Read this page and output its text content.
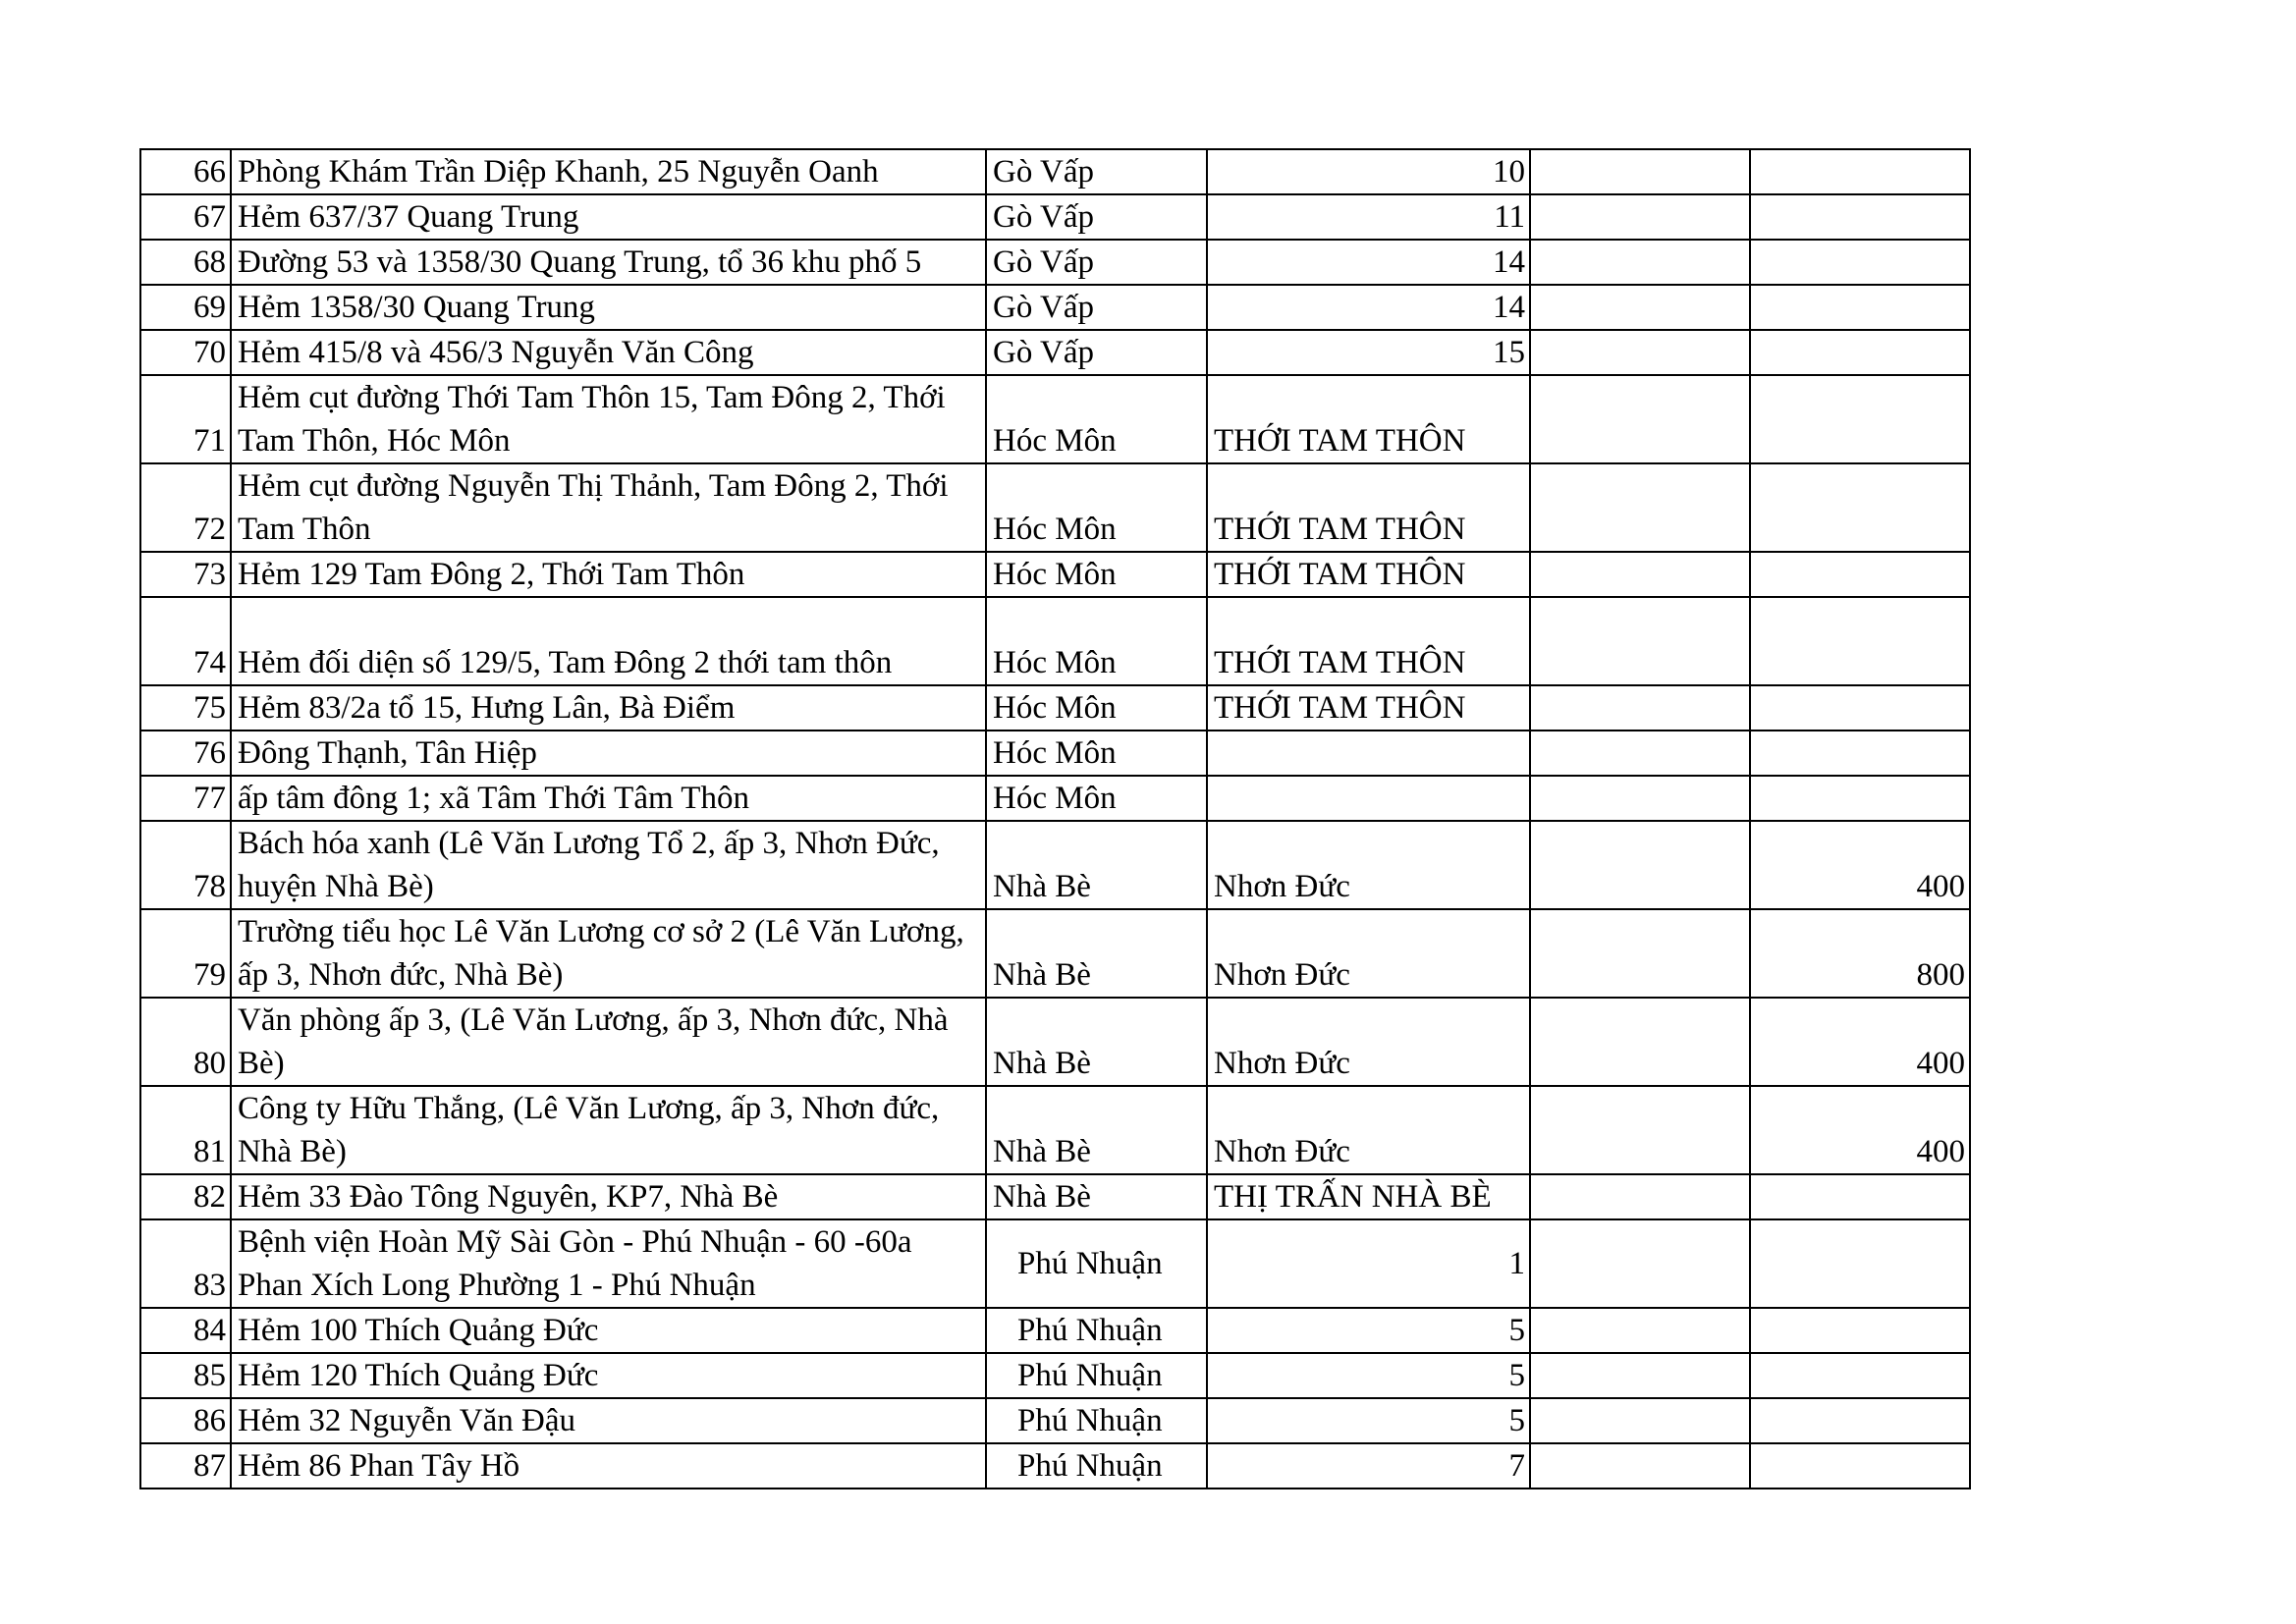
66	Phòng Khám Trần Diệp Khanh, 25 Nguyễn Oanh	Gò Vấp	10		
67	Hẻm 637/37 Quang Trung	Gò Vấp	11		
68	Đường 53 và 1358/30 Quang Trung, tổ 36 khu phố 5	Gò Vấp	14		
69	Hẻm 1358/30 Quang Trung	Gò Vấp	14		
70	Hẻm 415/8 và 456/3 Nguyễn Văn Công	Gò Vấp	15		
71	Hẻm cụt đường Thới Tam Thôn 15, Tam Đông 2, Thới Tam Thôn, Hóc Môn	Hóc Môn	THỚI TAM THÔN		
72	Hẻm cụt đường Nguyễn Thị Thảnh, Tam Đông 2, Thới Tam Thôn	Hóc Môn	THỚI TAM THÔN		
73	Hẻm 129 Tam Đông 2, Thới Tam Thôn	Hóc Môn	THỚI TAM THÔN		
74	Hẻm đối diện số 129/5, Tam Đông 2 thới tam thôn	Hóc Môn	THỚI TAM THÔN		
75	Hẻm 83/2a tổ 15, Hưng Lân, Bà Điểm	Hóc Môn	THỚI TAM THÔN		
76	Đông Thạnh, Tân Hiệp	Hóc Môn			
77	ấp tâm đông 1; xã Tâm Thới Tâm Thôn	Hóc Môn			
78	Bách hóa xanh (Lê Văn Lương Tổ 2, ấp 3, Nhơn Đức, huyện Nhà Bè)	Nhà Bè	Nhơn Đức		400
79	Trường tiểu học Lê Văn Lương cơ sở 2 (Lê Văn Lương, ấp 3, Nhơn đức, Nhà Bè)	Nhà Bè	Nhơn Đức		800
80	Văn phòng ấp 3, (Lê Văn Lương, ấp 3, Nhơn đức, Nhà Bè)	Nhà Bè	Nhơn Đức		400
81	Công ty Hữu Thắng, (Lê Văn Lương, ấp 3, Nhơn đức, Nhà Bè)	Nhà Bè	Nhơn Đức		400
82	Hẻm 33 Đào Tông Nguyên, KP7, Nhà Bè	Nhà Bè	THỊ TRẤN NHÀ BÈ		
83	Bệnh viện Hoàn Mỹ Sài Gòn - Phú Nhuận - 60 -60a Phan Xích Long Phường 1 - Phú Nhuận	Phú Nhuận	1		
84	Hẻm 100 Thích Quảng Đức	Phú Nhuận	5		
85	Hẻm 120 Thích Quảng Đức	Phú Nhuận	5		
86	Hẻm 32 Nguyễn Văn Đậu	Phú Nhuận	5		
87	Hẻm 86 Phan Tây Hồ	Phú Nhuận	7		
